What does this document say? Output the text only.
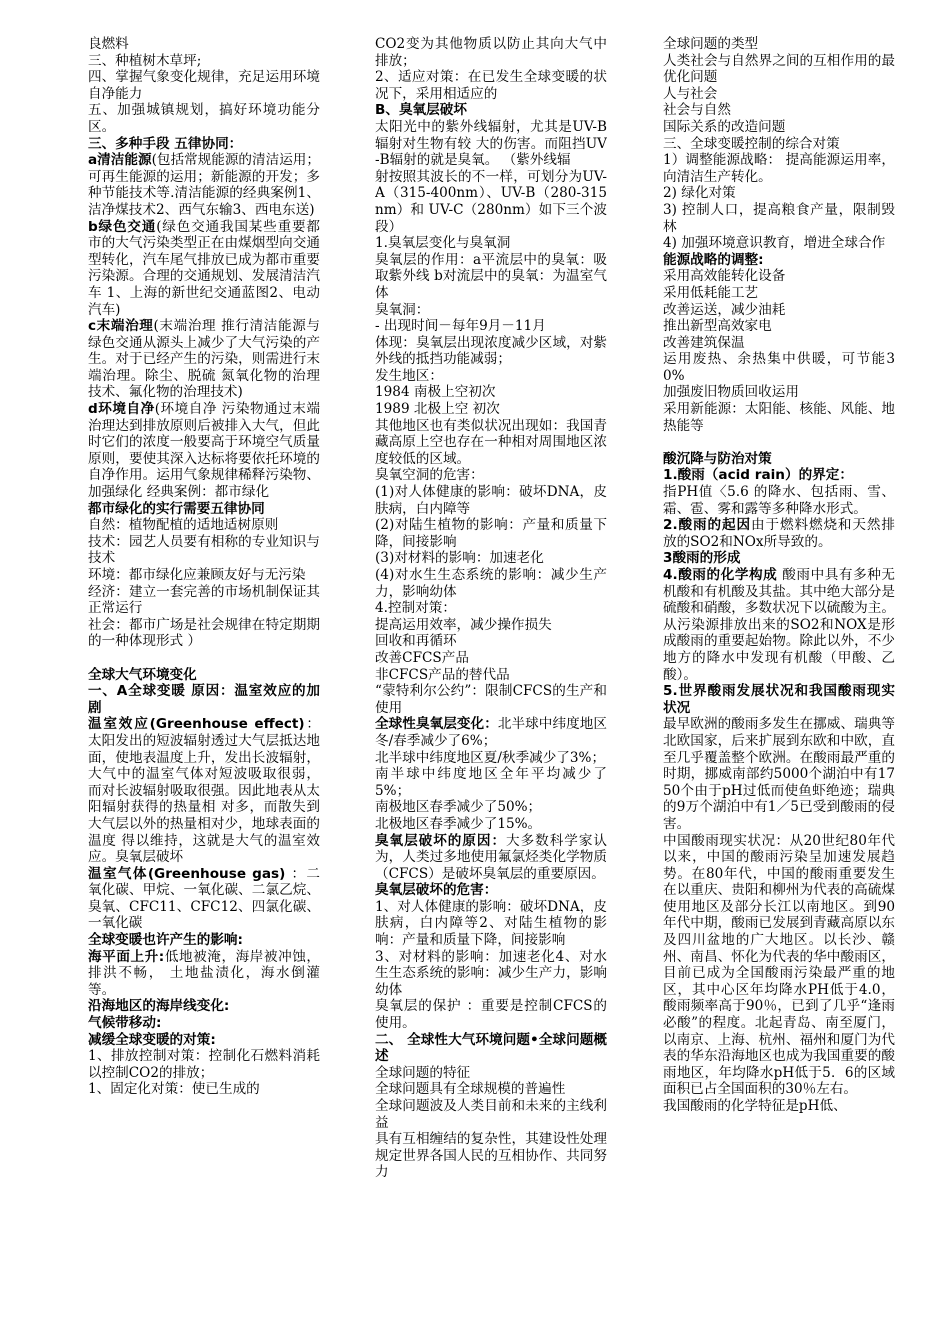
良燃料

三、种植树木草坪;

四、掌握气象变化规律，充足运用环境自净能力

五、加强城镇规划，搞好环境功能分区。

三、多种手段 五律协同：

a清洁能源(包括常规能源的清洁运用；可再生能源的运用；新能源的开发；多种节能技术等.清洁能源的经典案例1、洁净煤技术2、西气东输3、西电东送)

b绿色交通(绿色交通我国某些重要都市的大气污染类型正在由煤烟型向交通型转化，汽车尾气排放已成为都市重要污染源。合理的交通规划、发展清洁汽车 1、上海的新世纪交通蓝图2、电动汽车)

c末端治理(末端治理 推行清洁能源与绿色交通从源头上减少了大气污染的产生。对于已经产生的污染，则需进行末端治理。除尘、脱硫 氮氧化物的治理技术、氟化物的治理技术)

d环境自净(环境自净 污染物通过末端治理达到排放原则后被排入大气，但此时它们的浓度一般要高于环境空气质量原则，要使其深入达标将要依托环境的自净作用。运用气象规律稀释污染物、加强绿化 经典案例：都市绿化

都市绿化的实行需要五律协同

自然：植物配植的适地适树原则

技术：园艺人员要有相称的专业知识与技术

环境：都市绿化应兼顾友好与无污染

经济：建立一套完善的市场机制保证其正常运行

社会：都市广场是社会规律在特定期期的一种体现形式 ）

全球大气环境变化

一、A全球变暖 原因：温室效应的加剧

温室效应(Greenhouse effect)： 太阳发出的短波辐射透过大气层抵达地面，使地表温度上升，发出长波辐射，大气中的温室气体对短波吸取很弱， 而对长波辐射吸取很强。因此地表从太阳辐射获得的热量相 对多，而散失到大气层以外的热量相对少，地球表面的温度 得以维持，这就是大气的温室效应。臭氧层破坏

温室气体(Greenhouse gas) ：二氧化碳、甲烷、一氧化碳、二氯乙烷、臭氧、CFC11、CFC12、四氯化碳、一氧化碳

全球变暖也许产生的影响:

海平面上升:低地被淹，海岸被冲蚀，排洪不畅， 土地盐渍化，海水倒灌等。

沿海地区的海岸线变化:

气候带移动:

减缓全球变暖的对策:

1、排放控制对策：控制化石燃料消耗以控制CO2的排放；

1、固定化对策：使已生成的

CO2变为其他物质以防止其向大气中排放；

2、适应对策：在已发生全球变暖的状况下，采用相适应的

B、臭氧层破坏

太阳光中的紫外线辐射，尤其是UV-B辐射对生物有较 大的伤害。而阻挡UV-B辐射的就是臭氧。 （紫外线辐

射按照其波长的不一样，可划分为UV-A（315-400nm）、UV-B（280-315nm）和 UV-C（280nm）如下三个波段）

1.臭氧层变化与臭氧洞

臭氧层的作用：a平流层中的臭氧：吸取紫外线 b对流层中的臭氧：为温室气体

臭氧洞：

- 出现时间－每年9月－11月

体现：臭氧层出现浓度减少区域，对紫外线的抵挡功能减弱；

发生地区：

1984 南极上空初次

1989 北极上空 初次

其他地区也有类似状况出现如：我国青藏高原上空也存在一种相对周围地区浓度较低的区域。

臭氧空洞的危害：

(1)对人体健康的影响：破坏DNA，皮肤病，白内障等

(2)对陆生植物的影响：产量和质量下降，间接影响

(3)对材料的影响：加速老化

(4)对水生生态系统的影响：减少生产力，影响幼体

4.控制对策：

提高运用效率，减少操作损失

回收和再循环

改善CFCS产品

非CFCS产品的替代品

“蒙特利尔公约”：限制CFCS的生产和使用

全球性臭氧层变化：北半球中纬度地区冬/春季减少了6%；

北半球中纬度地区夏/秋季减少了3%；

南半球中纬度地区全年平均减少了5%；

南极地区春季减少了50%；

北极地区春季减少了15%。

臭氧层破坏的原因：大多数科学家认为，人类过多地使用氟氯烃类化学物质（CFCS）是破坏臭氧层的重要原因。

臭氧层破坏的危害：

1、对人体健康的影响：破坏DNA，皮肤病，白内障等2、对陆生植物的影响：产量和质量下降，间接影响

3、对材料的影响：加速老化4、对水生生态系统的影响：减少生产力，影响幼体

臭氧层的保护 ：重要是控制CFCS的使用。

二、 全球性大气环境问题•全球问题概述

全球问题的特征

全球问题具有全球规模的普遍性

全球问题波及人类目前和未来的主线利益

具有互相缠结的复杂性，其建设性处理规定世界各国人民的互相协作、共同努力

全球问题的类型

人类社会与自然界之间的互相作用的最优化问题

人与社会

社会与自然

国际关系的改造问题

三、全球变暖控制的综合对策

1）调整能源战略： 提高能源运用率，向清洁生产转化。

2) 绿化对策

3) 控制人口，提高粮食产量，限制毁林

4) 加强环境意识教育，增进全球合作

能源战略的调整:

采用高效能转化设备

采用低耗能工艺

改善运送，减少油耗

推出新型高效家电

改善建筑保温

运用废热、余热集中供暖，可节能30%

加强废旧物质回收运用

采用新能源：太阳能、核能、风能、地热能等

酸沉降与防治对策

1.酸雨（acid rain）的界定：

指PH值〈5.6 的降水、包括雨、雪、霜、雹、雾和露等多种降水形式。

2.酸雨的起因由于燃料燃烧和天然排放的SO2和NOx所导致的。

3酸雨的形成

4.酸雨的化学构成 酸雨中具有多种无机酸和有机酸及其盐。其中绝大部分是硫酸和硝酸，多数状况下以硫酸为主。从污染源排放出来的SO2和NOX是形成酸雨的重要起始物。除此以外，不少地方的降水中发现有机酸（甲酸、乙酸）。

5.世界酸雨发展状况和我国酸雨现实状况

最早欧洲的酸雨多发生在挪威、瑞典等北欧国家，后来扩展到东欧和中欧，直至几乎覆盖整个欧洲。在酸雨最严重的时期，挪威南部约5000个湖泊中有1750个由于pH过低而使鱼虾绝迹；瑞典的9万个湖泊中有1／5已受到酸雨的侵害。

中国酸雨现实状况：从20世纪80年代以来，中国的酸雨污染呈加速发展趋势。在80年代，中国的酸雨重要发生在以重庆、贵阳和柳州为代表的高硫煤使用地区及部分长江以南地区。到90年代中期，酸雨已发展到青藏高原以东及四川盆地的广大地区。以长沙、赣州、南昌、怀化为代表的华中酸雨区，目前已成为全国酸雨污染最严重的地区，其中心区年均降水PH低于4.0，酸雨频率高于90％，已到了几乎“逢雨必酸”的程度。北起青岛、南至厦门，以南京、上海、杭州、福州和厦门为代表的华东沿海地区也成为我国重要的酸雨地区，年均降水pH低于5．6的区域面积已占全国面积的30％左右。

我国酸雨的化学特征是pH低、
